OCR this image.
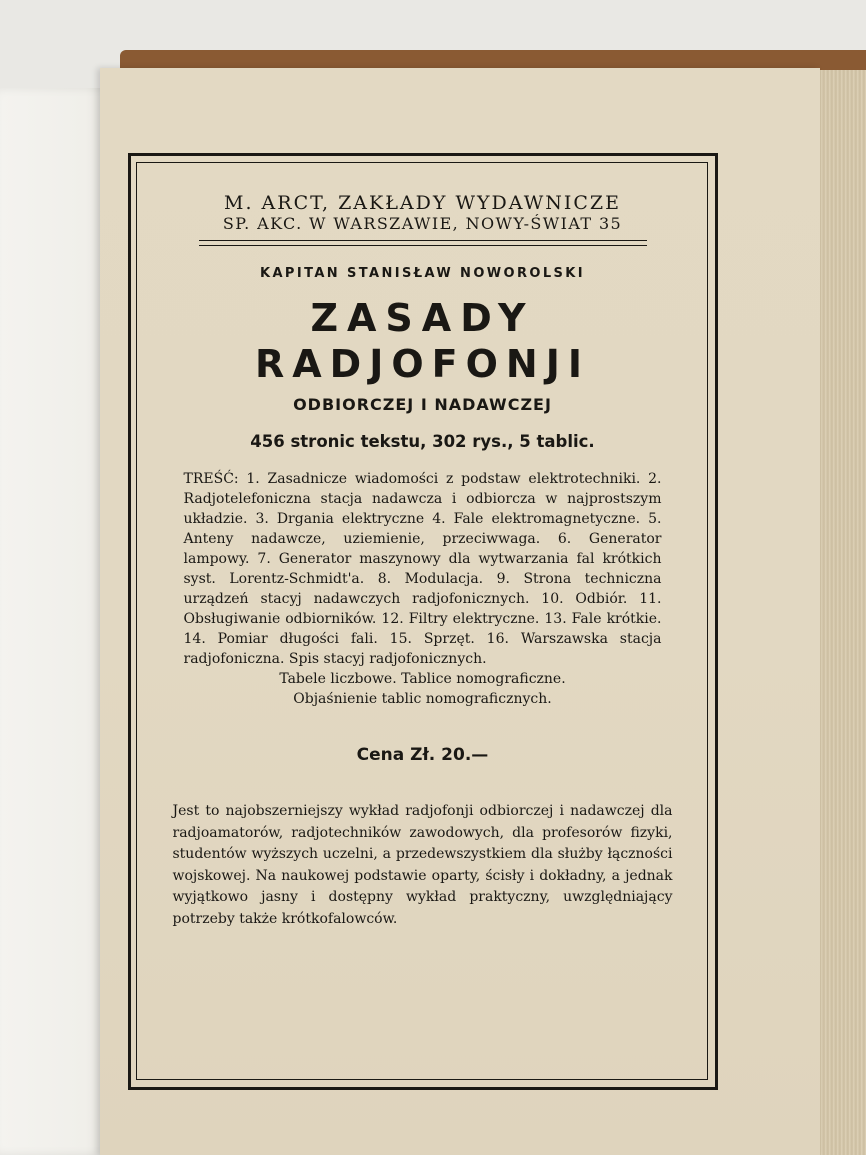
M. ARCT, ZAKŁADY WYDAWNICZE
SP. AKC. W WARSZAWIE, NOWY-ŚWIAT 35
KAPITAN STANISŁAW NOWOROLSKI
ZASADY
RADJOFONJI
ODBIORCZEJ I NADAWCZEJ
456 stronic tekstu, 302 rys., 5 tablic.
TREŚĆ: 1. Zasadnicze wiadomości z podstaw elektrotechniki. 2. Radjotelefoniczna stacja nadawcza i odbiorcza w najprostszym układzie. 3. Drgania elektryczne 4. Fale elektromagnetyczne. 5. Anteny nadawcze, uziemienie, przeciwwaga. 6. Generator lampowy. 7. Generator maszynowy dla wytwarzania fal krótkich syst. Lorentz-Schmidt'a. 8. Modulacja. 9. Strona techniczna urządzeń stacyj nadawczych radjofonicznych. 10. Odbiór. 11. Obsługiwanie odbiorników. 12. Filtry elektryczne. 13. Fale krótkie. 14. Pomiar długości fali. 15. Sprzęt. 16. Warszawska stacja radjofoniczna. Spis stacyj radjofonicznych.
Tabele liczbowe. Tablice nomograficzne. Objaśnienie tablic nomograficznych.
Cena Zł. 20.—
Jest to najobszerniejszy wykład radjofonji odbiorczej i nadawczej dla radjoamatorów, radjotechników zawodowych, dla profesorów fizyki, studentów wyższych uczelni, a przedewszystkiem dla służby łączności wojskowej. Na naukowej podstawie oparty, ścisły i dokładny, a jednak wyjątkowo jasny i dostępny wykład praktyczny, uwzględniający potrzeby także krótkofalowców.
